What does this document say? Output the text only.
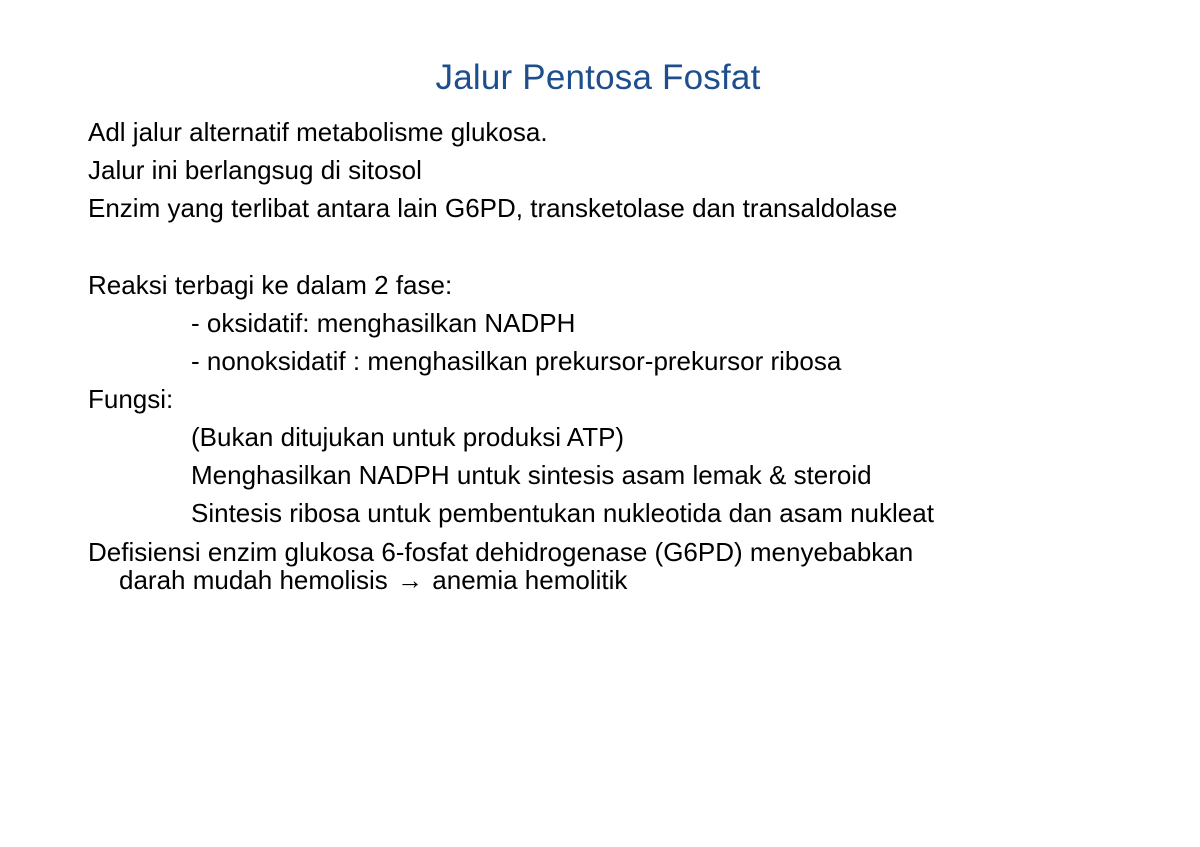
Jalur Pentosa Fosfat
Adl jalur alternatif metabolisme glukosa.
Jalur ini berlangsug di sitosol
Enzim yang terlibat antara lain G6PD, transketolase dan transaldolase
Reaksi terbagi ke dalam 2 fase:
- oksidatif: menghasilkan NADPH
- nonoksidatif : menghasilkan prekursor-prekursor ribosa
Fungsi:
(Bukan ditujukan untuk produksi ATP)
Menghasilkan NADPH untuk sintesis asam lemak & steroid
Sintesis ribosa untuk pembentukan nukleotida dan asam nukleat
Defisiensi enzim glukosa 6-fosfat dehidrogenase (G6PD) menyebabkan
darah mudah hemolisis → anemia hemolitik
